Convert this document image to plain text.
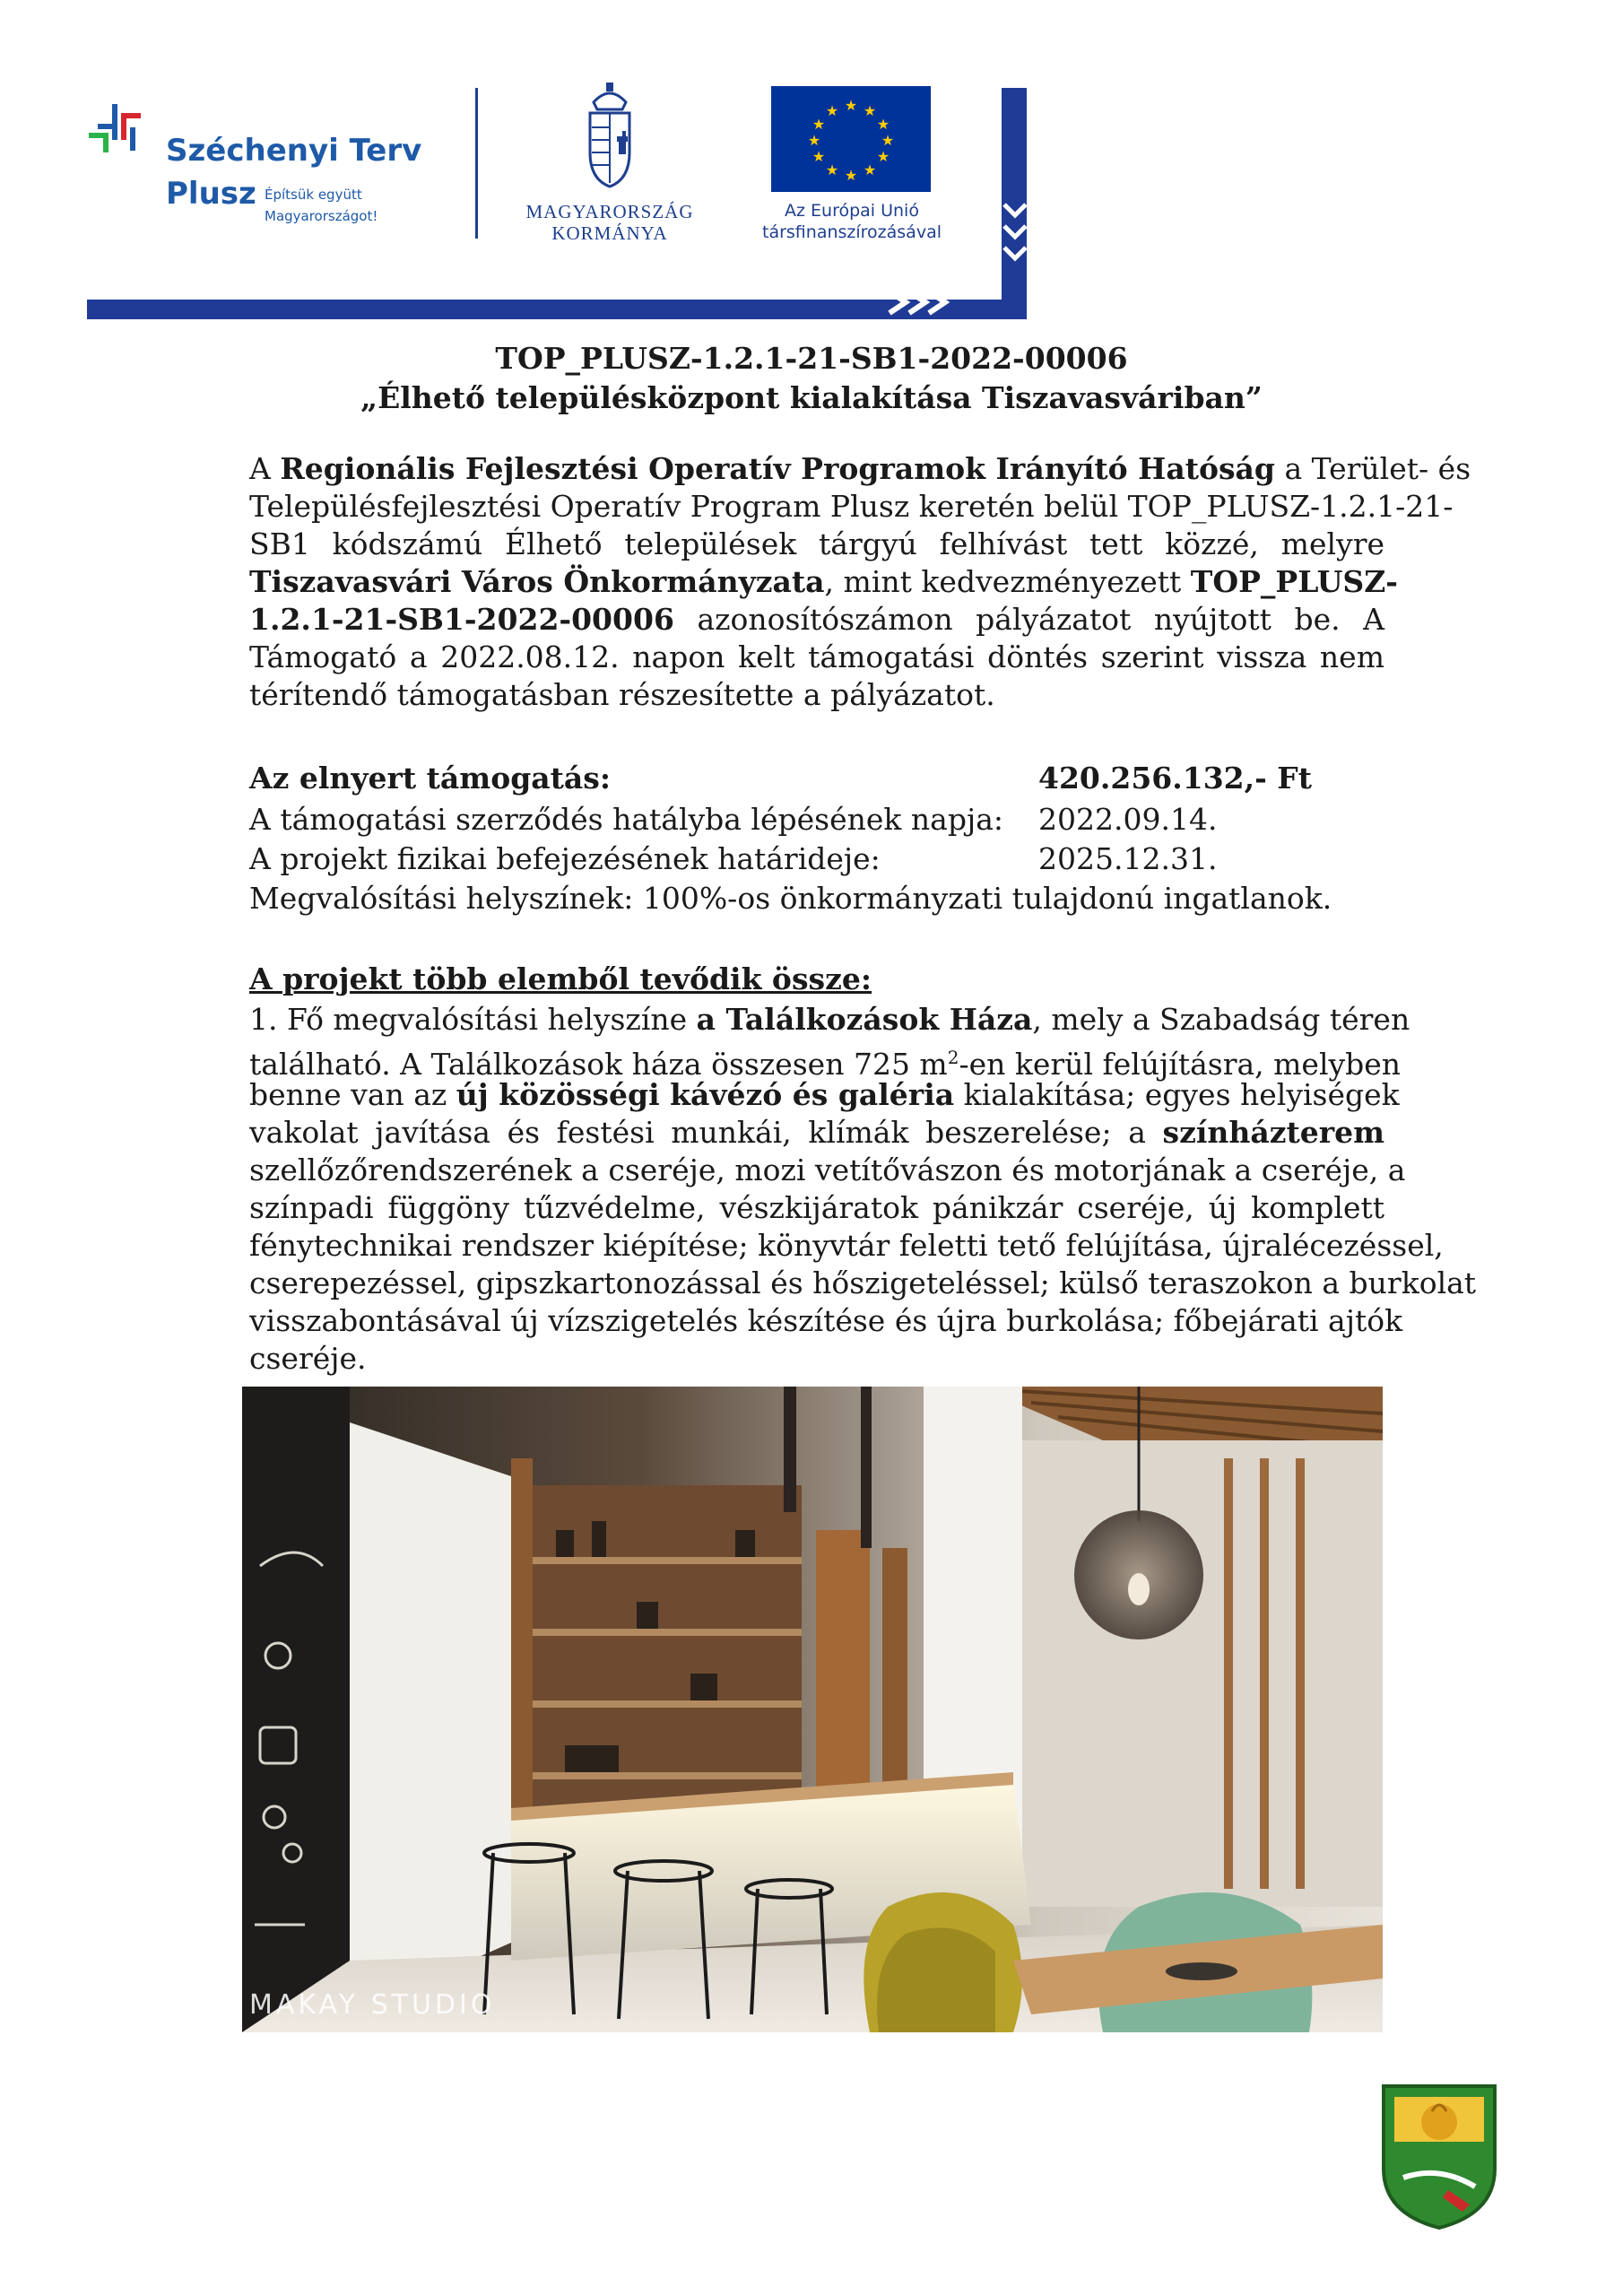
Széchenyi Terv
Plusz Építsük együtt
Magyarországot!	MAGYARORSZÁG
KORMÁNYA
★ ★
★
★
★
★
★
★
★
★
★
★
Az Európai Unió
társfinanszírozásával
TOP_PLUSZ-1.2.1-21-SB1-2022-00006
„Élhető településközpont kialakítása Tiszavasváriban”
A Regionális Fejlesztési Operatív Programok Irányító Hatóság a Terület- és
Településfejlesztési Operatív Program Plusz keretén belül TOP_PLUSZ-1.2.1-21-
SB1 kódszámú Élhető települések tárgyú felhívást tett közzé, melyre
Tiszavasvári Város Önkormányzata, mint kedvezményezett TOP_PLUSZ-
1.2.1-21-SB1-2022-00006 azonosítószámon pályázatot nyújtott be. A
Támogató a 2022.08.12. napon kelt támogatási döntés szerint vissza nem
térítendő támogatásban részesítette a pályázatot.
Az elnyert támogatás:	420.256.132,- Ft
A támogatási szerződés hatályba lépésének napja: 2022.09.14.
A projekt fizikai befejezésének határideje:	2025.12.31.
Megvalósítási helyszínek: 100%-os önkormányzati tulajdonú ingatlanok.
A projekt több elemből tevődik össze:
1. Fő megvalósítási helyszíne a Találkozások Háza, mely a Szabadság téren
található. A Találkozások háza összesen 725 $m^2-en$ kerül felújításra, melyben
benne van az új közösségi kávézó és galéria kialakítása; egyes helyiségek
vakolat javítása és festési munkái, klímák beszerelése; a színházterem
szellőzőrendszerének a cseréje, mozi vetítővászon és motorjának a cseréje, a
színpadi függöny tűzvédelme, vészkijáratok pánikzár cseréje, új komplett
fénytechnikai rendszer kiépítése; könyvtár feletti tető felújítása, újralécezéssel,
cserepezéssel, gipszkartonozással és hőszigeteléssel; külső teraszokon a burkolat
visszabontásával új vízszigetelés készítése és újra burkolása; főbejárati ajtók
cseréje.
MAKAY STUDIO
